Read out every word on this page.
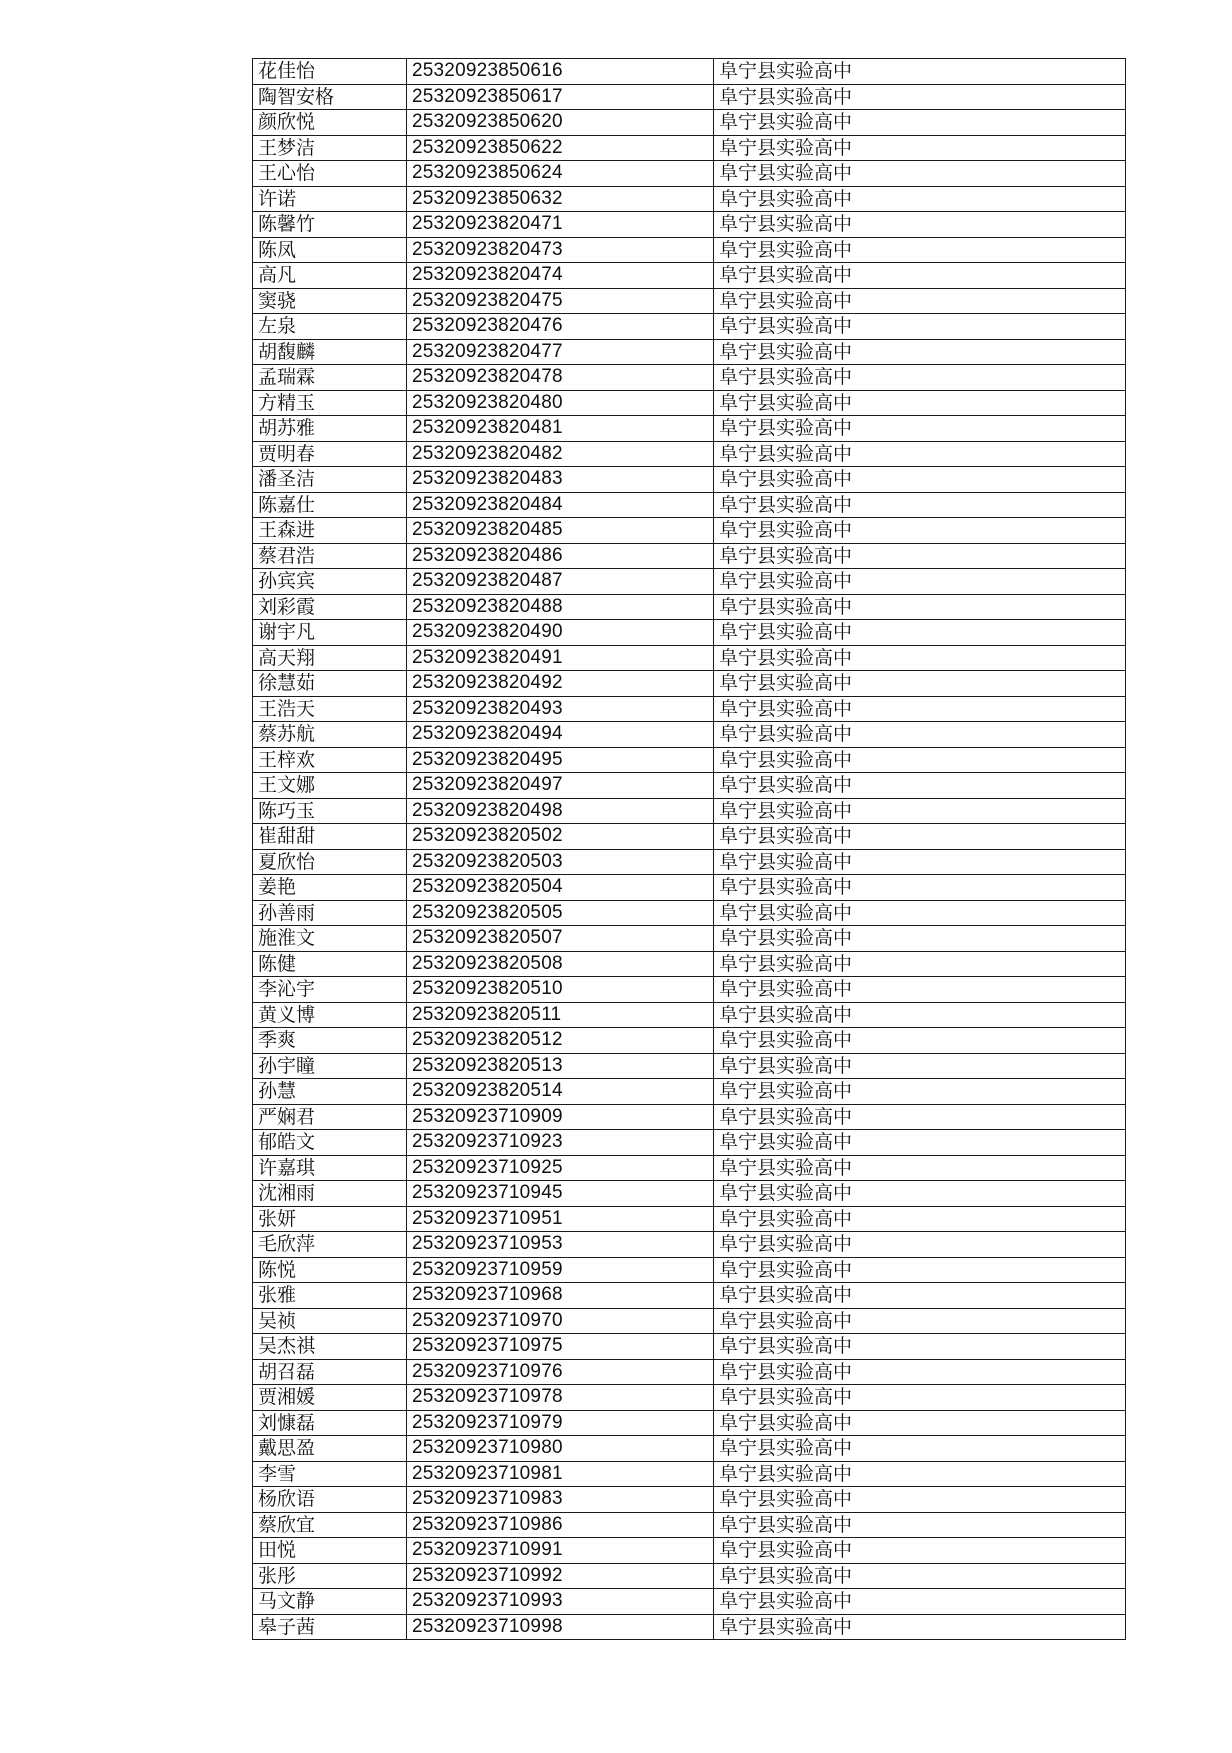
花佳怡	25320923850616	阜宁县实验高中
陶智安格	25320923850617	阜宁县实验高中
颜欣悦	25320923850620	阜宁县实验高中
王梦洁	25320923850622	阜宁县实验高中
王心怡	25320923850624	阜宁县实验高中
许诺	25320923850632	阜宁县实验高中
陈馨竹	25320923820471	阜宁县实验高中
陈凤	25320923820473	阜宁县实验高中
高凡	25320923820474	阜宁县实验高中
窦骁	25320923820475	阜宁县实验高中
左泉	25320923820476	阜宁县实验高中
胡馥麟	25320923820477	阜宁县实验高中
孟瑞霖	25320923820478	阜宁县实验高中
方精玉	25320923820480	阜宁县实验高中
胡苏雅	25320923820481	阜宁县实验高中
贾明春	25320923820482	阜宁县实验高中
潘圣洁	25320923820483	阜宁县实验高中
陈嘉仕	25320923820484	阜宁县实验高中
王森进	25320923820485	阜宁县实验高中
蔡君浩	25320923820486	阜宁县实验高中
孙宾宾	25320923820487	阜宁县实验高中
刘彩霞	25320923820488	阜宁县实验高中
谢宇凡	25320923820490	阜宁县实验高中
高天翔	25320923820491	阜宁县实验高中
徐慧茹	25320923820492	阜宁县实验高中
王浩天	25320923820493	阜宁县实验高中
蔡苏航	25320923820494	阜宁县实验高中
王梓欢	25320923820495	阜宁县实验高中
王文娜	25320923820497	阜宁县实验高中
陈巧玉	25320923820498	阜宁县实验高中
崔甜甜	25320923820502	阜宁县实验高中
夏欣怡	25320923820503	阜宁县实验高中
姜艳	25320923820504	阜宁县实验高中
孙善雨	25320923820505	阜宁县实验高中
施淮文	25320923820507	阜宁县实验高中
陈健	25320923820508	阜宁县实验高中
李沁宇	25320923820510	阜宁县实验高中
黄义博	25320923820511	阜宁县实验高中
季爽	25320923820512	阜宁县实验高中
孙宇瞳	25320923820513	阜宁县实验高中
孙慧	25320923820514	阜宁县实验高中
严娴君	25320923710909	阜宁县实验高中
郁皓文	25320923710923	阜宁县实验高中
许嘉琪	25320923710925	阜宁县实验高中
沈湘雨	25320923710945	阜宁县实验高中
张妍	25320923710951	阜宁县实验高中
毛欣萍	25320923710953	阜宁县实验高中
陈悦	25320923710959	阜宁县实验高中
张雅	25320923710968	阜宁县实验高中
吴祯	25320923710970	阜宁县实验高中
吴杰祺	25320923710975	阜宁县实验高中
胡召磊	25320923710976	阜宁县实验高中
贾湘媛	25320923710978	阜宁县实验高中
刘慷磊	25320923710979	阜宁县实验高中
戴思盈	25320923710980	阜宁县实验高中
李雪	25320923710981	阜宁县实验高中
杨欣语	25320923710983	阜宁县实验高中
蔡欣宜	25320923710986	阜宁县实验高中
田悦	25320923710991	阜宁县实验高中
张彤	25320923710992	阜宁县实验高中
马文静	25320923710993	阜宁县实验高中
皋子茜	25320923710998	阜宁县实验高中
